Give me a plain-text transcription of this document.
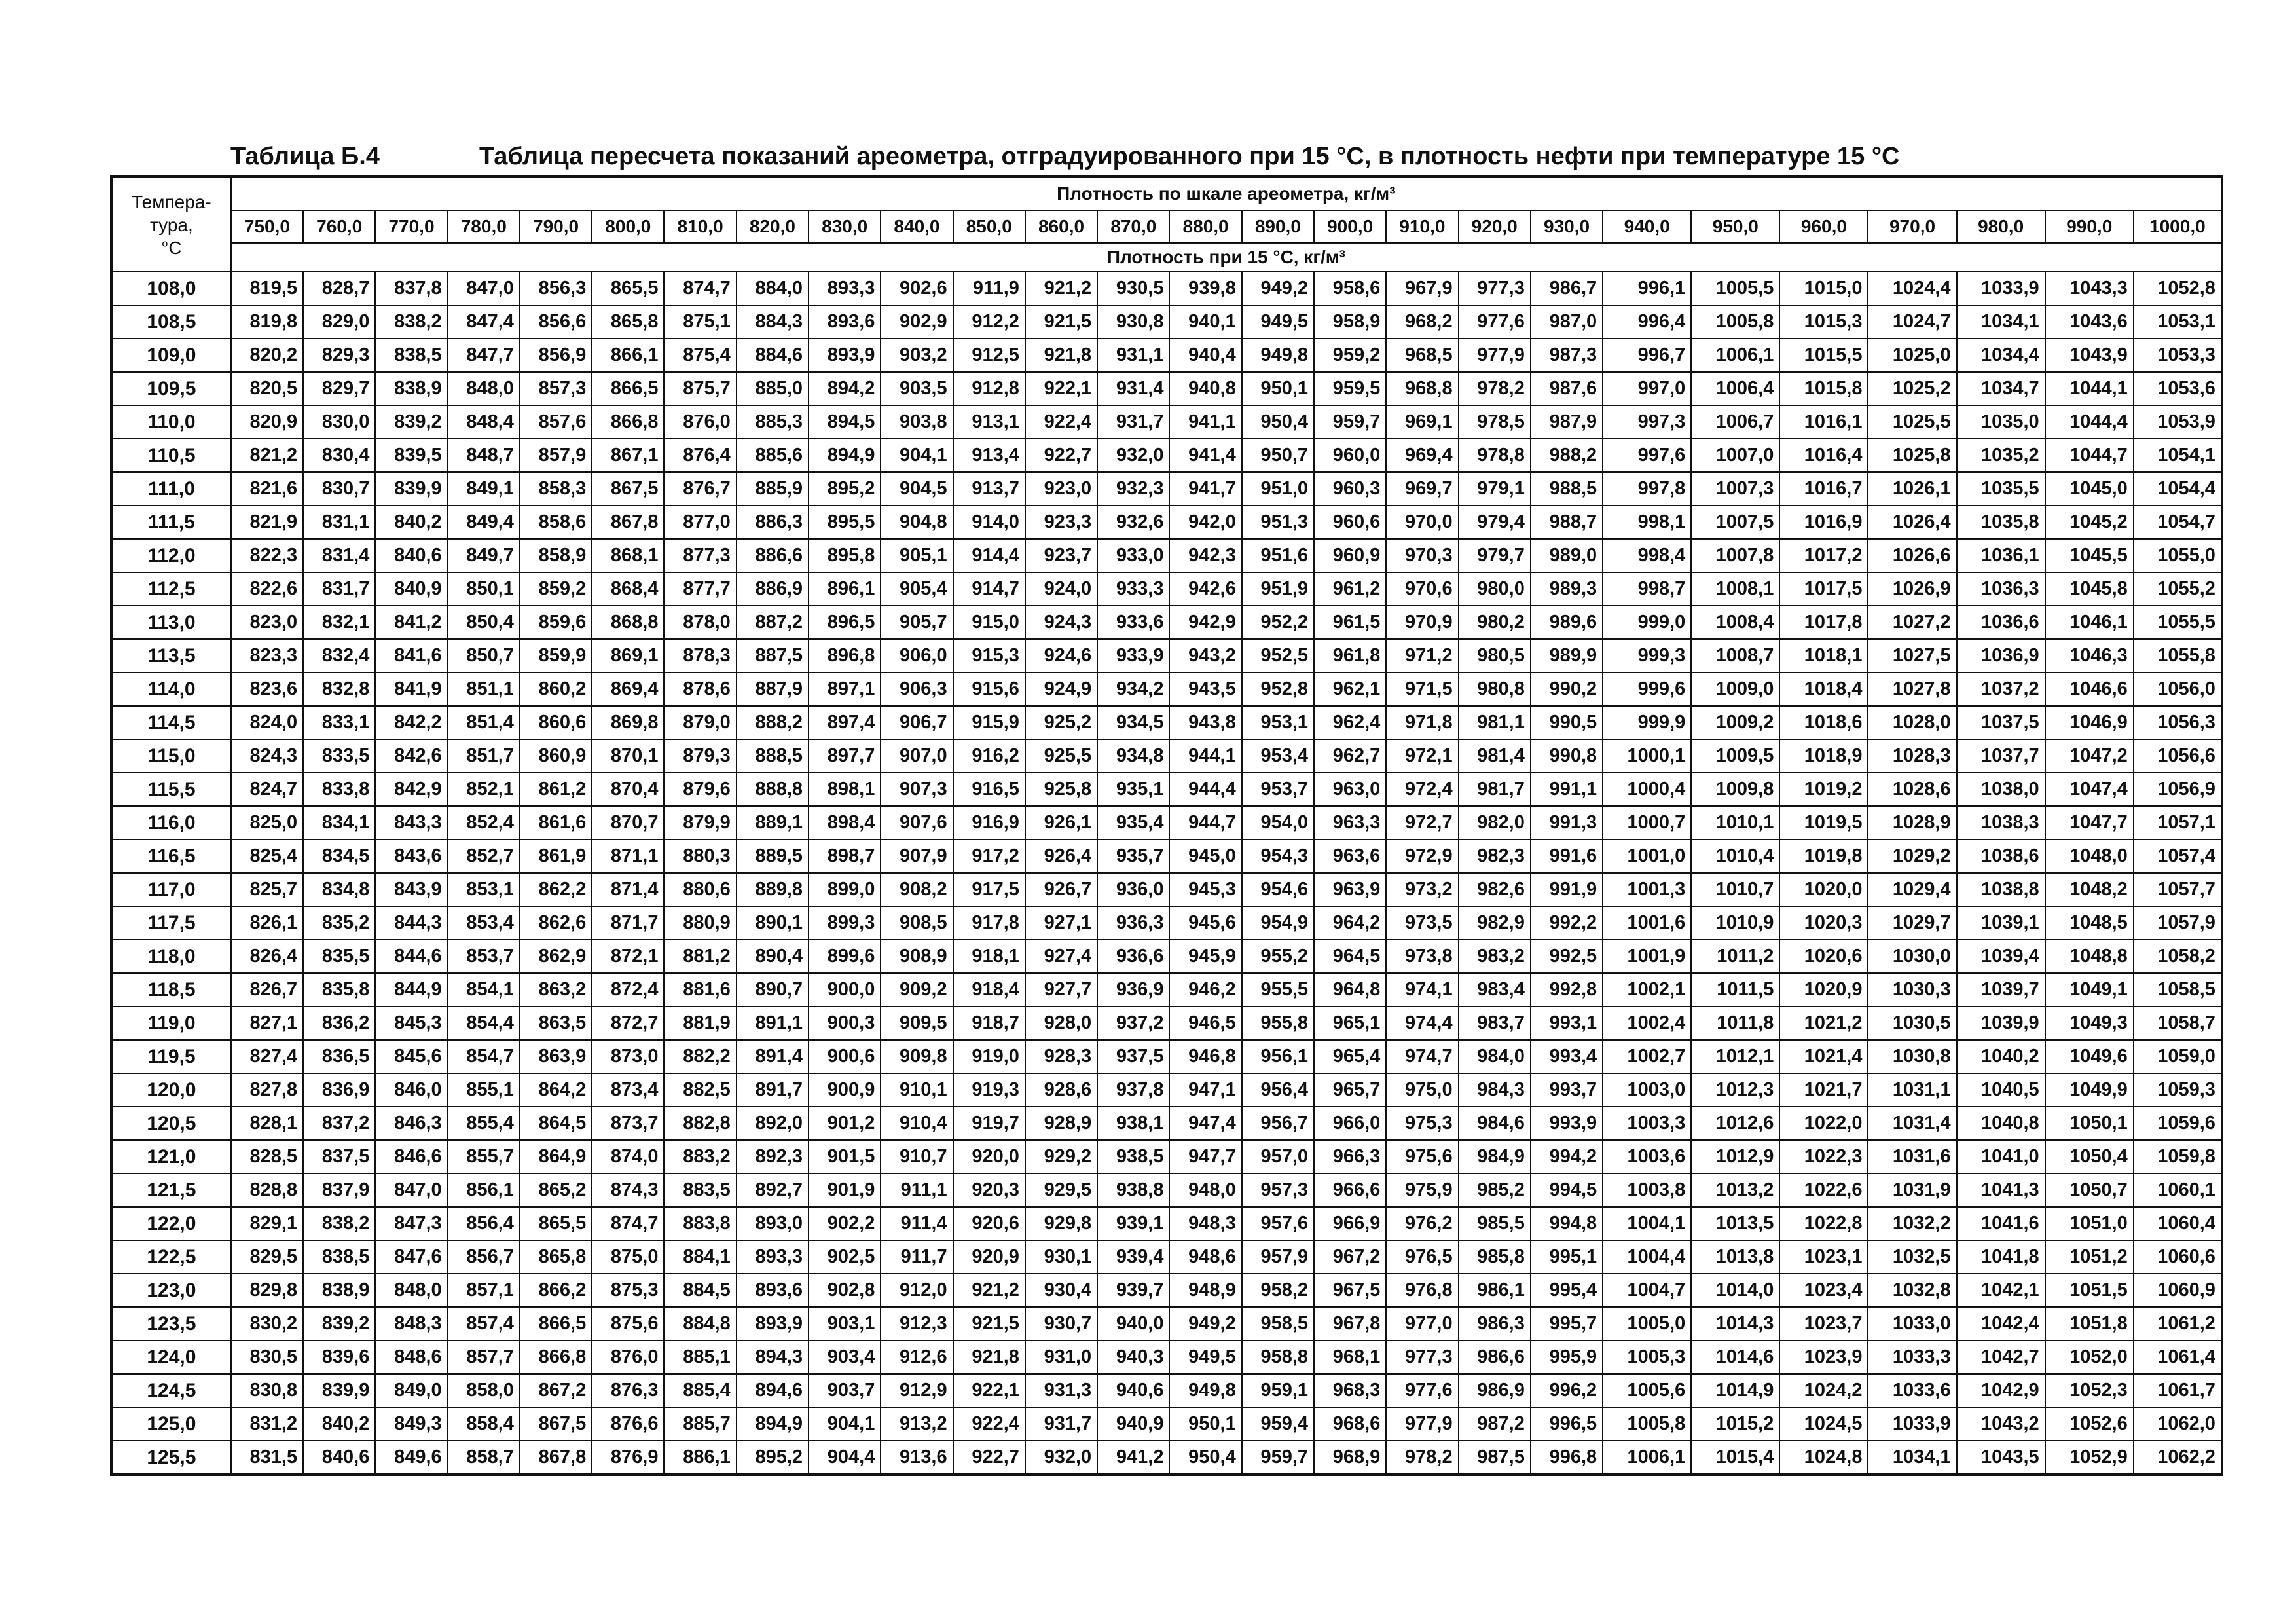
Таблица Б.4	Таблица пересчета показаний ареометра, отградуированного при 15 °С, в плотность нефти при температуре 15 °С
Темпера-
тура,
°С	Плотность по шкале ареометра, кг/м³																									
	750,0	760,0	770,0	780,0	790,0	800,0	810,0	820,0	830,0	840,0	850,0	860,0	870,0	880,0	890,0	900,0	910,0	920,0	930,0	940,0	950,0	960,0	970,0	980,0	990,0	1000,0
	Плотность при 15 °С, кг/м³																									
108,0	819,5	828,7	837,8	847,0	856,3	865,5	874,7	884,0	893,3	902,6	911,9	921,2	930,5	939,8	949,2	958,6	967,9	977,3	986,7	996,1	1005,5	1015,0	1024,4	1033,9	1043,3	1052,8
108,5	819,8	829,0	838,2	847,4	856,6	865,8	875,1	884,3	893,6	902,9	912,2	921,5	930,8	940,1	949,5	958,9	968,2	977,6	987,0	996,4	1005,8	1015,3	1024,7	1034,1	1043,6	1053,1
109,0	820,2	829,3	838,5	847,7	856,9	866,1	875,4	884,6	893,9	903,2	912,5	921,8	931,1	940,4	949,8	959,2	968,5	977,9	987,3	996,7	1006,1	1015,5	1025,0	1034,4	1043,9	1053,3
109,5	820,5	829,7	838,9	848,0	857,3	866,5	875,7	885,0	894,2	903,5	912,8	922,1	931,4	940,8	950,1	959,5	968,8	978,2	987,6	997,0	1006,4	1015,8	1025,2	1034,7	1044,1	1053,6
110,0	820,9	830,0	839,2	848,4	857,6	866,8	876,0	885,3	894,5	903,8	913,1	922,4	931,7	941,1	950,4	959,7	969,1	978,5	987,9	997,3	1006,7	1016,1	1025,5	1035,0	1044,4	1053,9
110,5	821,2	830,4	839,5	848,7	857,9	867,1	876,4	885,6	894,9	904,1	913,4	922,7	932,0	941,4	950,7	960,0	969,4	978,8	988,2	997,6	1007,0	1016,4	1025,8	1035,2	1044,7	1054,1
111,0	821,6	830,7	839,9	849,1	858,3	867,5	876,7	885,9	895,2	904,5	913,7	923,0	932,3	941,7	951,0	960,3	969,7	979,1	988,5	997,8	1007,3	1016,7	1026,1	1035,5	1045,0	1054,4
111,5	821,9	831,1	840,2	849,4	858,6	867,8	877,0	886,3	895,5	904,8	914,0	923,3	932,6	942,0	951,3	960,6	970,0	979,4	988,7	998,1	1007,5	1016,9	1026,4	1035,8	1045,2	1054,7
112,0	822,3	831,4	840,6	849,7	858,9	868,1	877,3	886,6	895,8	905,1	914,4	923,7	933,0	942,3	951,6	960,9	970,3	979,7	989,0	998,4	1007,8	1017,2	1026,6	1036,1	1045,5	1055,0
112,5	822,6	831,7	840,9	850,1	859,2	868,4	877,7	886,9	896,1	905,4	914,7	924,0	933,3	942,6	951,9	961,2	970,6	980,0	989,3	998,7	1008,1	1017,5	1026,9	1036,3	1045,8	1055,2
113,0	823,0	832,1	841,2	850,4	859,6	868,8	878,0	887,2	896,5	905,7	915,0	924,3	933,6	942,9	952,2	961,5	970,9	980,2	989,6	999,0	1008,4	1017,8	1027,2	1036,6	1046,1	1055,5
113,5	823,3	832,4	841,6	850,7	859,9	869,1	878,3	887,5	896,8	906,0	915,3	924,6	933,9	943,2	952,5	961,8	971,2	980,5	989,9	999,3	1008,7	1018,1	1027,5	1036,9	1046,3	1055,8
114,0	823,6	832,8	841,9	851,1	860,2	869,4	878,6	887,9	897,1	906,3	915,6	924,9	934,2	943,5	952,8	962,1	971,5	980,8	990,2	999,6	1009,0	1018,4	1027,8	1037,2	1046,6	1056,0
114,5	824,0	833,1	842,2	851,4	860,6	869,8	879,0	888,2	897,4	906,7	915,9	925,2	934,5	943,8	953,1	962,4	971,8	981,1	990,5	999,9	1009,2	1018,6	1028,0	1037,5	1046,9	1056,3
115,0	824,3	833,5	842,6	851,7	860,9	870,1	879,3	888,5	897,7	907,0	916,2	925,5	934,8	944,1	953,4	962,7	972,1	981,4	990,8	1000,1	1009,5	1018,9	1028,3	1037,7	1047,2	1056,6
115,5	824,7	833,8	842,9	852,1	861,2	870,4	879,6	888,8	898,1	907,3	916,5	925,8	935,1	944,4	953,7	963,0	972,4	981,7	991,1	1000,4	1009,8	1019,2	1028,6	1038,0	1047,4	1056,9
116,0	825,0	834,1	843,3	852,4	861,6	870,7	879,9	889,1	898,4	907,6	916,9	926,1	935,4	944,7	954,0	963,3	972,7	982,0	991,3	1000,7	1010,1	1019,5	1028,9	1038,3	1047,7	1057,1
116,5	825,4	834,5	843,6	852,7	861,9	871,1	880,3	889,5	898,7	907,9	917,2	926,4	935,7	945,0	954,3	963,6	972,9	982,3	991,6	1001,0	1010,4	1019,8	1029,2	1038,6	1048,0	1057,4
117,0	825,7	834,8	843,9	853,1	862,2	871,4	880,6	889,8	899,0	908,2	917,5	926,7	936,0	945,3	954,6	963,9	973,2	982,6	991,9	1001,3	1010,7	1020,0	1029,4	1038,8	1048,2	1057,7
117,5	826,1	835,2	844,3	853,4	862,6	871,7	880,9	890,1	899,3	908,5	917,8	927,1	936,3	945,6	954,9	964,2	973,5	982,9	992,2	1001,6	1010,9	1020,3	1029,7	1039,1	1048,5	1057,9
118,0	826,4	835,5	844,6	853,7	862,9	872,1	881,2	890,4	899,6	908,9	918,1	927,4	936,6	945,9	955,2	964,5	973,8	983,2	992,5	1001,9	1011,2	1020,6	1030,0	1039,4	1048,8	1058,2
118,5	826,7	835,8	844,9	854,1	863,2	872,4	881,6	890,7	900,0	909,2	918,4	927,7	936,9	946,2	955,5	964,8	974,1	983,4	992,8	1002,1	1011,5	1020,9	1030,3	1039,7	1049,1	1058,5
119,0	827,1	836,2	845,3	854,4	863,5	872,7	881,9	891,1	900,3	909,5	918,7	928,0	937,2	946,5	955,8	965,1	974,4	983,7	993,1	1002,4	1011,8	1021,2	1030,5	1039,9	1049,3	1058,7
119,5	827,4	836,5	845,6	854,7	863,9	873,0	882,2	891,4	900,6	909,8	919,0	928,3	937,5	946,8	956,1	965,4	974,7	984,0	993,4	1002,7	1012,1	1021,4	1030,8	1040,2	1049,6	1059,0
120,0	827,8	836,9	846,0	855,1	864,2	873,4	882,5	891,7	900,9	910,1	919,3	928,6	937,8	947,1	956,4	965,7	975,0	984,3	993,7	1003,0	1012,3	1021,7	1031,1	1040,5	1049,9	1059,3
120,5	828,1	837,2	846,3	855,4	864,5	873,7	882,8	892,0	901,2	910,4	919,7	928,9	938,1	947,4	956,7	966,0	975,3	984,6	993,9	1003,3	1012,6	1022,0	1031,4	1040,8	1050,1	1059,6
121,0	828,5	837,5	846,6	855,7	864,9	874,0	883,2	892,3	901,5	910,7	920,0	929,2	938,5	947,7	957,0	966,3	975,6	984,9	994,2	1003,6	1012,9	1022,3	1031,6	1041,0	1050,4	1059,8
121,5	828,8	837,9	847,0	856,1	865,2	874,3	883,5	892,7	901,9	911,1	920,3	929,5	938,8	948,0	957,3	966,6	975,9	985,2	994,5	1003,8	1013,2	1022,6	1031,9	1041,3	1050,7	1060,1
122,0	829,1	838,2	847,3	856,4	865,5	874,7	883,8	893,0	902,2	911,4	920,6	929,8	939,1	948,3	957,6	966,9	976,2	985,5	994,8	1004,1	1013,5	1022,8	1032,2	1041,6	1051,0	1060,4
122,5	829,5	838,5	847,6	856,7	865,8	875,0	884,1	893,3	902,5	911,7	920,9	930,1	939,4	948,6	957,9	967,2	976,5	985,8	995,1	1004,4	1013,8	1023,1	1032,5	1041,8	1051,2	1060,6
123,0	829,8	838,9	848,0	857,1	866,2	875,3	884,5	893,6	902,8	912,0	921,2	930,4	939,7	948,9	958,2	967,5	976,8	986,1	995,4	1004,7	1014,0	1023,4	1032,8	1042,1	1051,5	1060,9
123,5	830,2	839,2	848,3	857,4	866,5	875,6	884,8	893,9	903,1	912,3	921,5	930,7	940,0	949,2	958,5	967,8	977,0	986,3	995,7	1005,0	1014,3	1023,7	1033,0	1042,4	1051,8	1061,2
124,0	830,5	839,6	848,6	857,7	866,8	876,0	885,1	894,3	903,4	912,6	921,8	931,0	940,3	949,5	958,8	968,1	977,3	986,6	995,9	1005,3	1014,6	1023,9	1033,3	1042,7	1052,0	1061,4
124,5	830,8	839,9	849,0	858,0	867,2	876,3	885,4	894,6	903,7	912,9	922,1	931,3	940,6	949,8	959,1	968,3	977,6	986,9	996,2	1005,6	1014,9	1024,2	1033,6	1042,9	1052,3	1061,7
125,0	831,2	840,2	849,3	858,4	867,5	876,6	885,7	894,9	904,1	913,2	922,4	931,7	940,9	950,1	959,4	968,6	977,9	987,2	996,5	1005,8	1015,2	1024,5	1033,9	1043,2	1052,6	1062,0
125,5	831,5	840,6	849,6	858,7	867,8	876,9	886,1	895,2	904,4	913,6	922,7	932,0	941,2	950,4	959,7	968,9	978,2	987,5	996,8	1006,1	1015,4	1024,8	1034,1	1043,5	1052,9	1062,2
